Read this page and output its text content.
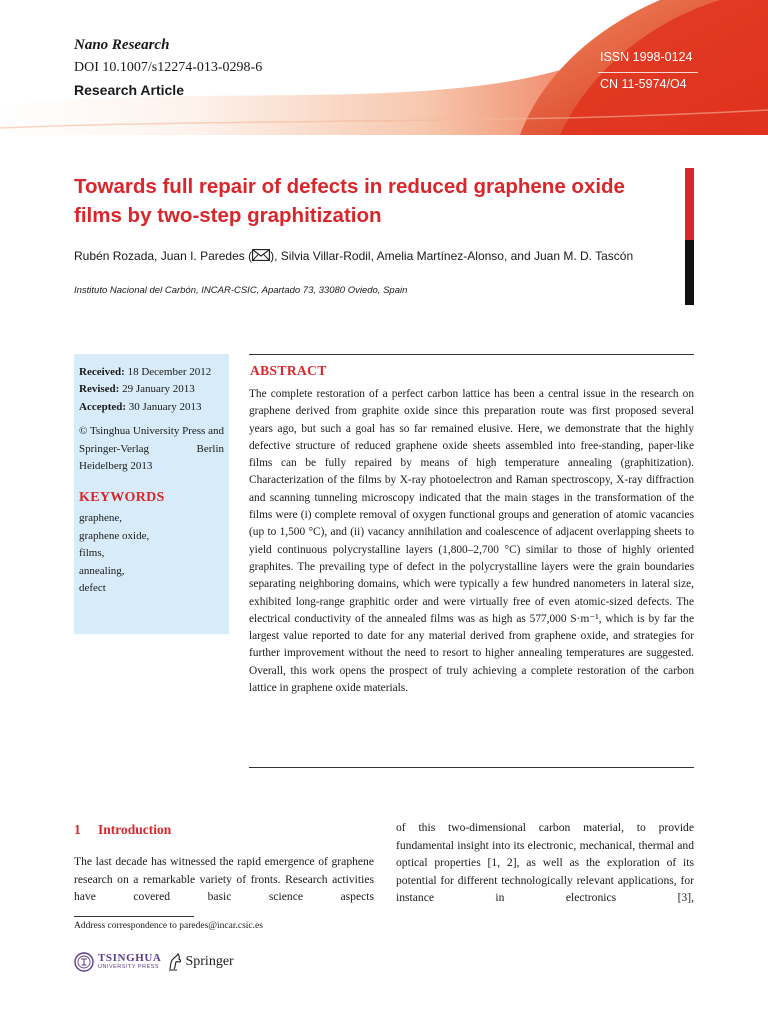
Nano Research
DOI 10.1007/s12274-013-0298-6
Research Article
ISSN 1998-0124
CN 11-5974/O4
Towards full repair of defects in reduced graphene oxide films by two-step graphitization
Rubén Rozada, Juan I. Paredes ( ), Silvia Villar-Rodil, Amelia Martínez-Alonso, and Juan M. D. Tascón
Instituto Nacional del Carbón, INCAR-CSIC, Apartado 73, 33080 Oviedo, Spain
Received: 18 December 2012
Revised: 29 January 2013
Accepted: 30 January 2013
© Tsinghua University Press and Springer-Verlag Berlin Heidelberg 2013
KEYWORDS
graphene,
graphene oxide,
films,
annealing,
defect
ABSTRACT
The complete restoration of a perfect carbon lattice has been a central issue in the research on graphene derived from graphite oxide since this preparation route was first proposed several years ago, but such a goal has so far remained elusive. Here, we demonstrate that the highly defective structure of reduced graphene oxide sheets assembled into free-standing, paper-like films can be fully repaired by means of high temperature annealing (graphitization). Characterization of the films by X-ray photoelectron and Raman spectroscopy, X-ray diffraction and scanning tunneling microscopy indicated that the main stages in the transformation of the films were (i) complete removal of oxygen functional groups and generation of atomic vacancies (up to 1,500 °C), and (ii) vacancy annihilation and coalescence of adjacent overlapping sheets to yield continuous polycrystalline layers (1,800–2,700 °C) similar to those of highly oriented graphites. The prevailing type of defect in the polycrystalline layers were the grain boundaries separating neighboring domains, which were typically a few hundred nanometers in lateral size, exhibited long-range graphitic order and were virtually free of even atomic-sized defects. The electrical conductivity of the annealed films was as high as 577,000 S·m⁻¹, which is by far the largest value reported to date for any material derived from graphene oxide, and strategies for further improvement without the need to resort to higher annealing temperatures are suggested. Overall, this work opens the prospect of truly achieving a complete restoration of the carbon lattice in graphene oxide materials.
1 Introduction
The last decade has witnessed the rapid emergence of graphene research on a remarkable variety of fronts. Research activities have covered basic science aspects
of this two-dimensional carbon material, to provide fundamental insight into its electronic, mechanical, thermal and optical properties [1, 2], as well as the exploration of its potential for different technologically relevant applications, for instance in electronics [3],
Address correspondence to paredes@incar.csic.es
TSINGHUA
UNIVERSITY PRESS Springer
